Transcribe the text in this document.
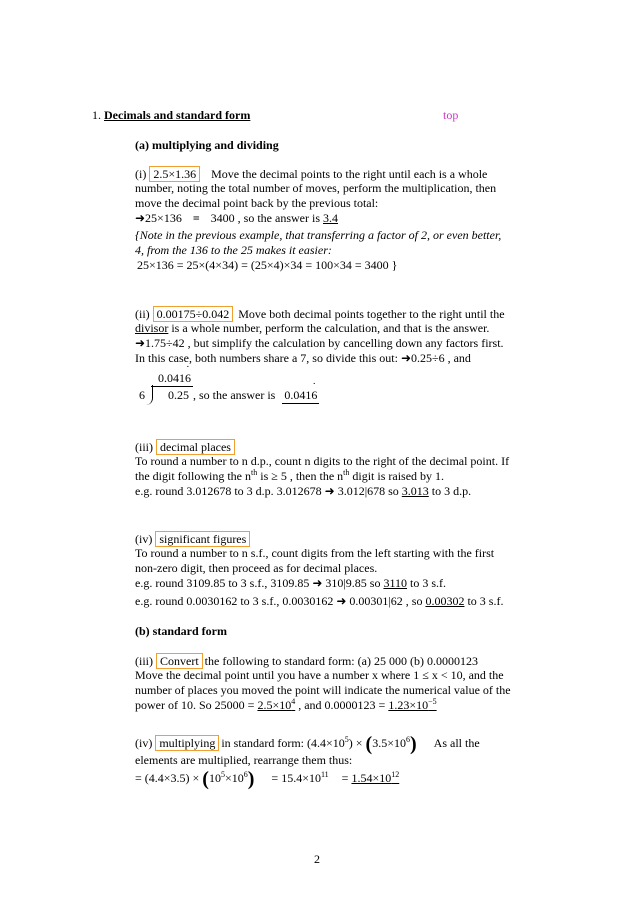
1. Decimals and standard form	top
(a) multiplying and dividing
(i) 2.5×1.36 Move the decimal points to the right until each is a whole
number, noting the total number of moves, perform the multiplication, then
move the decimal point back by the previous total:
➜25×136 = 3400 , so the answer is 3.4
{Note in the previous example, that transferring a factor of 2, or even better,
4, from the 136 to the 25 makes it easier:
25×136 = 25×(4×34) = (25×4)×34 = 100×34 = 3400 }
(ii) 0.00175÷0.042 Move both decimal points together to the right until the
divisor is a whole number, perform the calculation, and that is the answer.
➜1.75÷42 , but simplify the calculation by cancelling down any factors first.
In this case, both numbers share a 7, so divide this out: ➜0.25÷6 , and
0.0416 ˙
6 0.25 , so the answer is 0.0416 ˙
(iii) decimal places
To round a number to n d.p., count n digits to the right of the decimal point. If
the digit following the $n^{th}$ is ≥ 5 , then the $n^{th}$ digit is raised by 1.
e.g. round 3.012678 to 3 d.p. 3.012678 ➜ 3.012|678 so 3.013 to 3 d.p.
(iv) significant figures
To round a number to n s.f., count digits from the left starting with the first
non-zero digit, then proceed as for decimal places.
e.g. round 3109.85 to 3 s.f., 3109.85 ➜ 310|9.85 so 3110 to 3 s.f.
e.g. round 0.0030162 to 3 s.f., 0.0030162 ➜ 0.00301|62 , so 0.00302 to 3 s.f.
(b) standard form
(iii) Convert the following to standard form: (a) 25 000 (b) 0.0000123
Move the decimal point until you have a number x where 1 ≤ x < 10, and the
number of places you moved the point will indicate the numerical value of the
power of 10. So $25000 = 2.5\times 10^4$ , and $0.0000123 = 1.23\times 10^{-5}$
(iv) multiplying in standard form: $(4.4\times 10^5) \times (3.5\times 10^6)$ As all the
elements are multiplied, rearrange them thus:
= $(4.4\times 3.5) \times (10^5\times 10^6) = 15.4\times 10^{11} = 1.54\times 10^{12}$
2
